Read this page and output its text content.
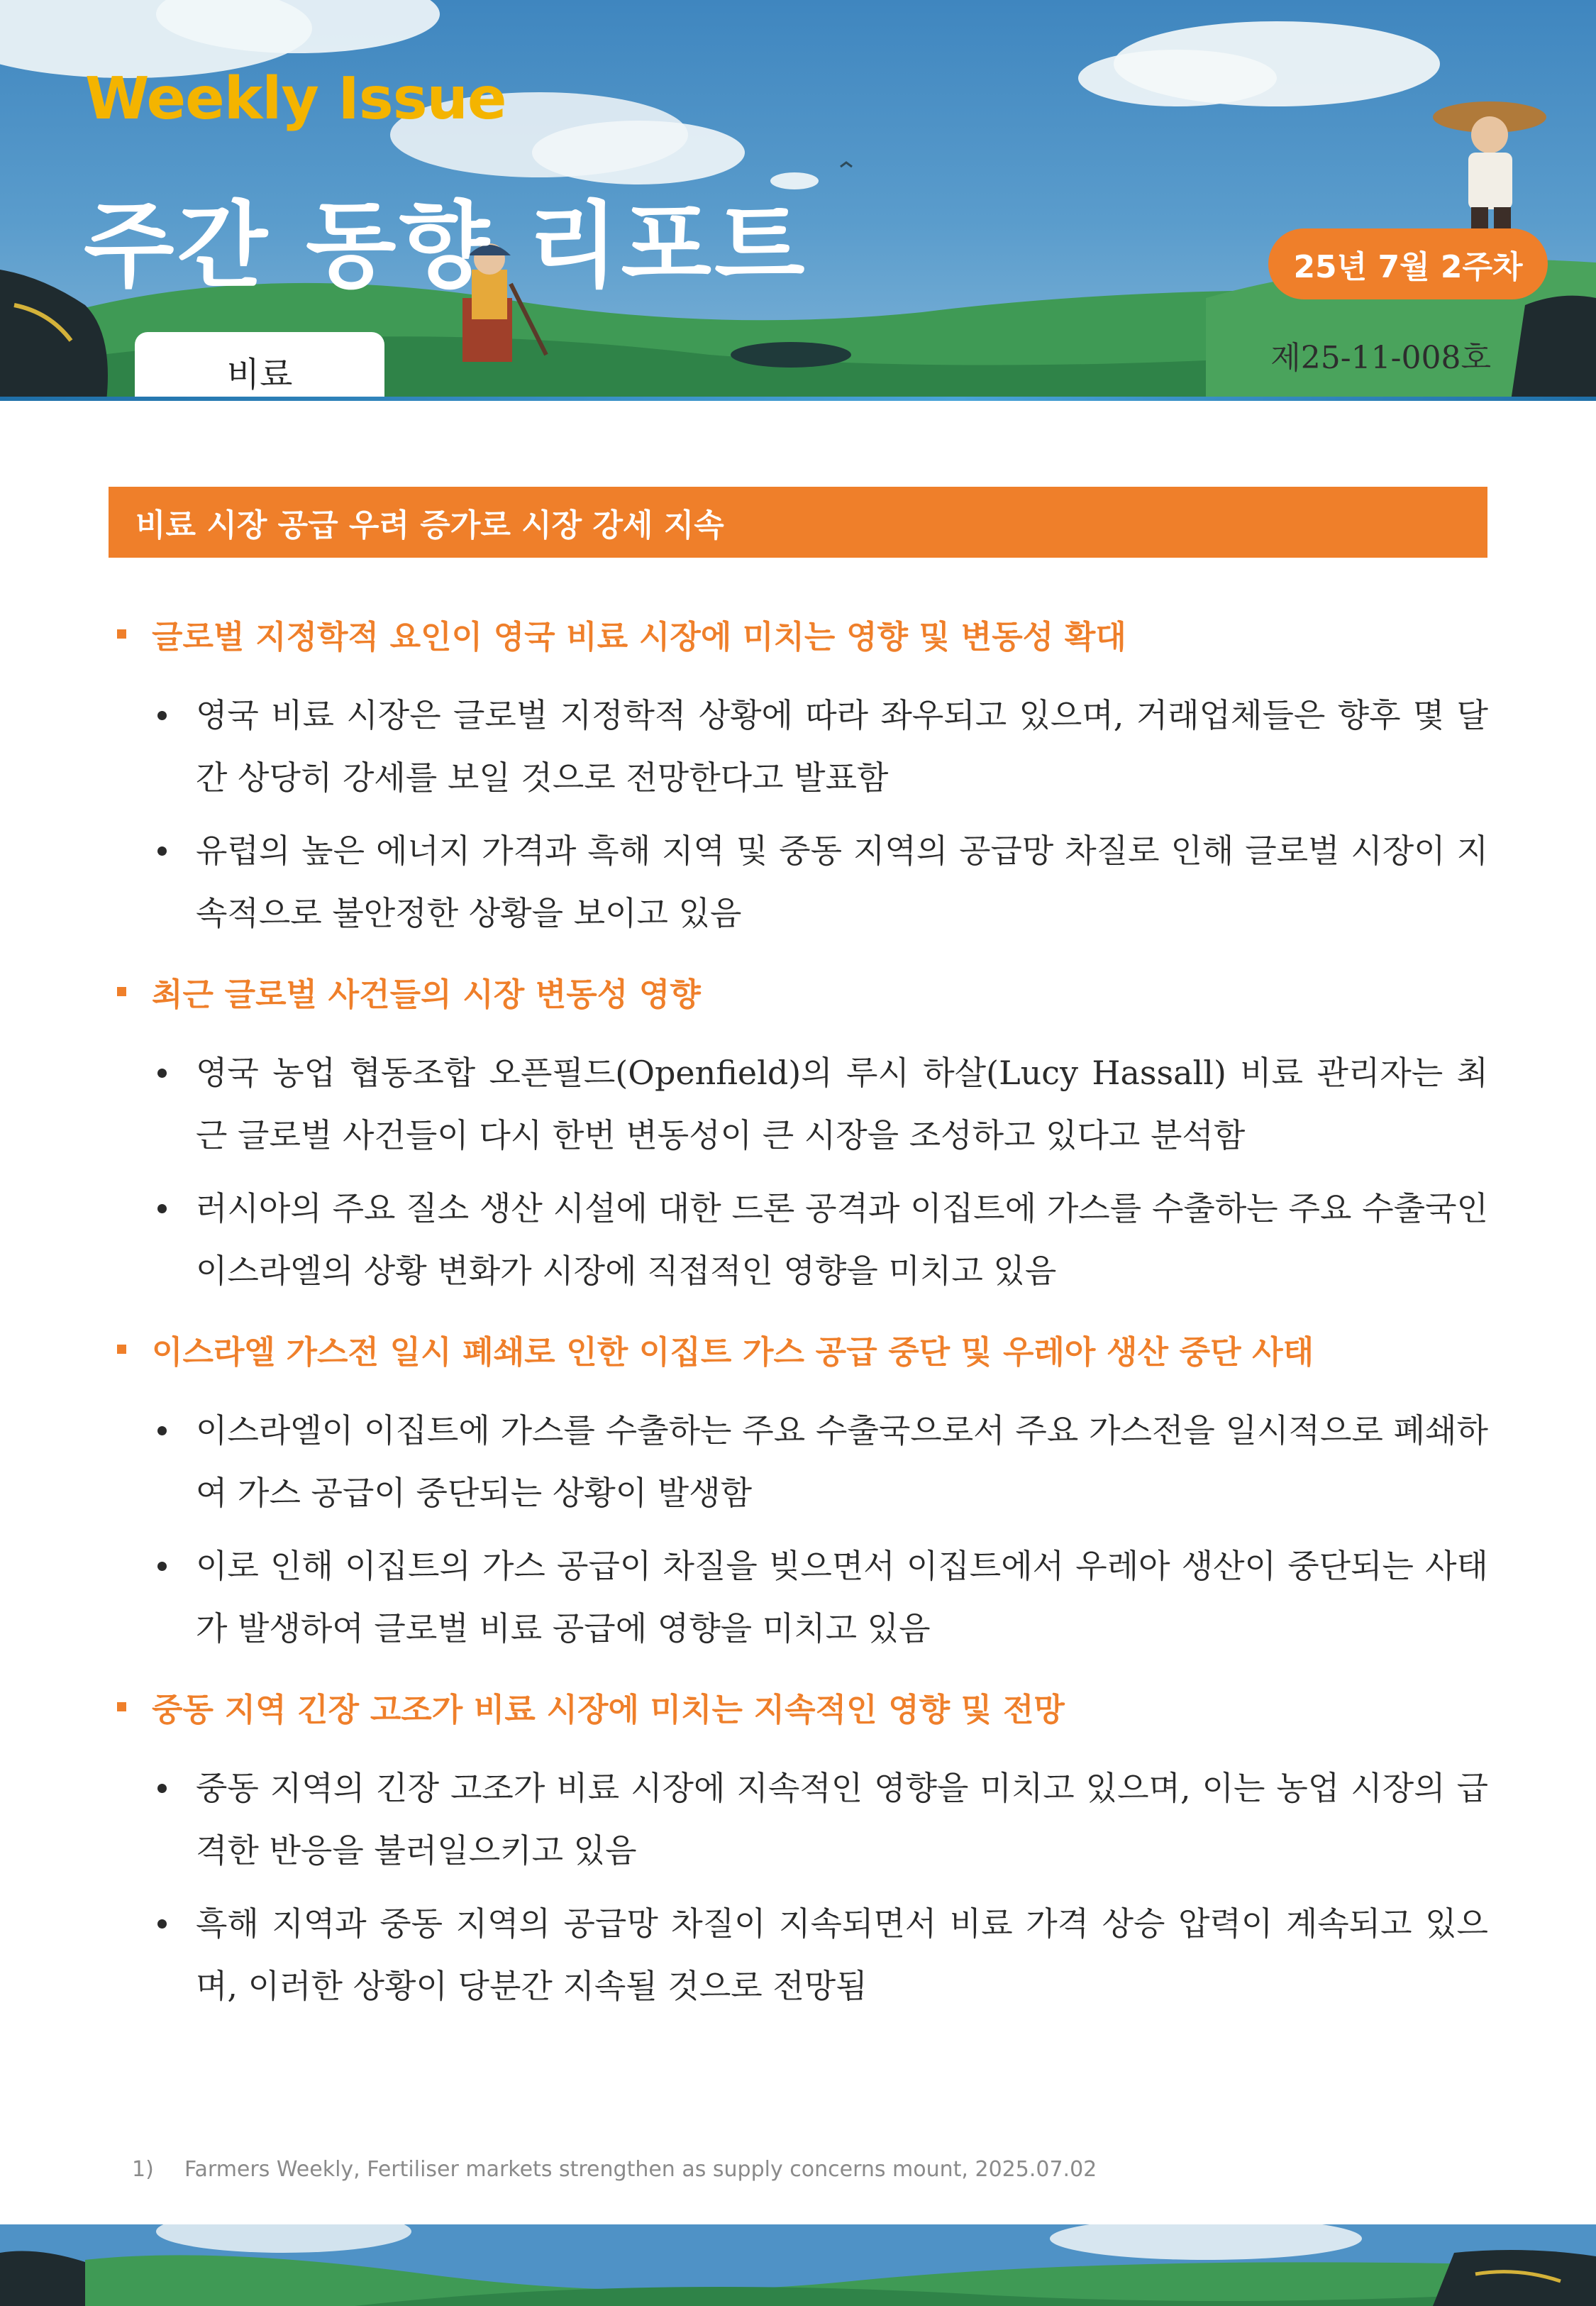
Weekly Issue
주간 동향 리포트	25년 7월 2주차
제25-11-008호
비료
비료 시장 공급 우려 증가로 시장 강세 지속
글로벌 지정학적 요인이 영국 비료 시장에 미치는 영향 및 변동성 확대
영국 비료 시장은 글로벌 지정학적 상황에 따라 좌우되고 있으며, 거래업체들은 향후 몇 달간 상당히 강세를 보일 것으로 전망한다고 발표함
유럽의 높은 에너지 가격과 흑해 지역 및 중동 지역의 공급망 차질로 인해 글로벌 시장이 지속적으로 불안정한 상황을 보이고 있음
최근 글로벌 사건들의 시장 변동성 영향
영국 농업 협동조합 오픈필드(Openfield)의 루시 하살(Lucy Hassall) 비료 관리자는 최근 글로벌 사건들이 다시 한번 변동성이 큰 시장을 조성하고 있다고 분석함
러시아의 주요 질소 생산 시설에 대한 드론 공격과 이집트에 가스를 수출하는 주요 수출국인 이스라엘의 상황 변화가 시장에 직접적인 영향을 미치고 있음
이스라엘 가스전 일시 폐쇄로 인한 이집트 가스 공급 중단 및 우레아 생산 중단 사태
이스라엘이 이집트에 가스를 수출하는 주요 수출국으로서 주요 가스전을 일시적으로 폐쇄하여 가스 공급이 중단되는 상황이 발생함
이로 인해 이집트의 가스 공급이 차질을 빚으면서 이집트에서 우레아 생산이 중단되는 사태가 발생하여 글로벌 비료 공급에 영향을 미치고 있음
중동 지역 긴장 고조가 비료 시장에 미치는 지속적인 영향 및 전망
중동 지역의 긴장 고조가 비료 시장에 지속적인 영향을 미치고 있으며, 이는 농업 시장의 급격한 반응을 불러일으키고 있음
흑해 지역과 중동 지역의 공급망 차질이 지속되면서 비료 가격 상승 압력이 계속되고 있으며, 이러한 상황이 당분간 지속될 것으로 전망됨
1) Farmers Weekly, Fertiliser markets strengthen as supply concerns mount, 2025.07.02
